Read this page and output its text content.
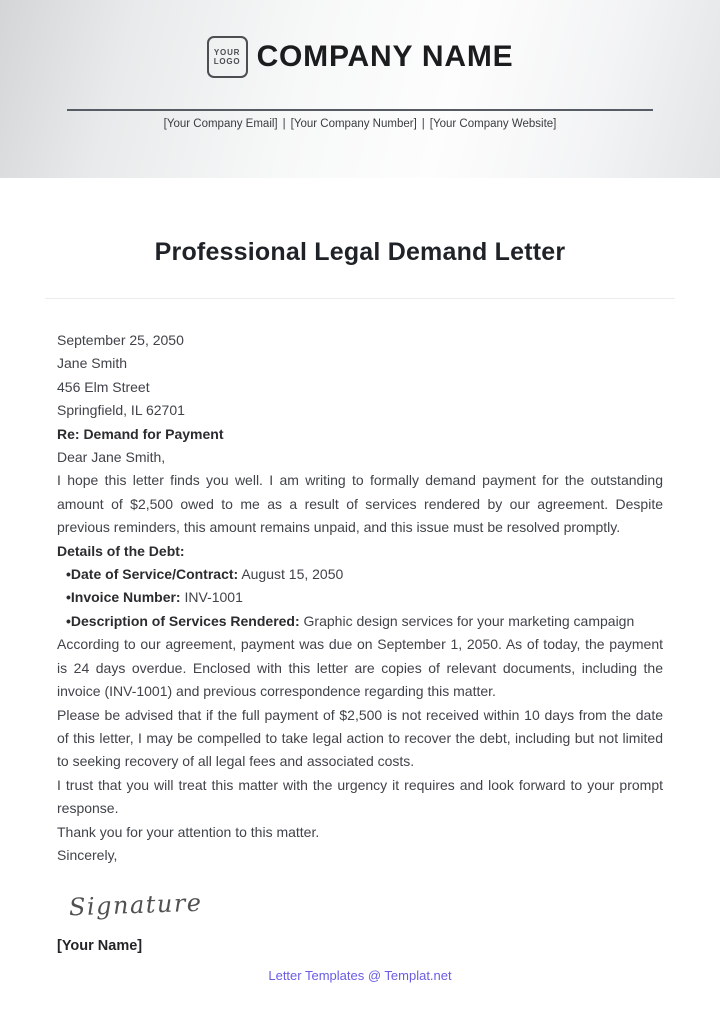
YOUR
LOGO COMPANY NAME
[Your Company Email] | [Your Company Number] | [Your Company Website]
Professional Legal Demand Letter

September 25, 2050

Jane Smith

456 Elm Street

Springfield, IL 62701

Re: Demand for Payment

Dear Jane Smith,

I hope this letter finds you well. I am writing to formally demand payment for the outstanding amount of $2,500 owed to me as a result of services rendered by our agreement. Despite previous reminders, this amount remains unpaid, and this issue must be resolved promptly.

Details of the Debt:

•Date of Service/Contract: August 15, 2050

•Invoice Number: INV-1001

•Description of Services Rendered: Graphic design services for your marketing campaign

According to our agreement, payment was due on September 1, 2050. As of today, the payment is 24 days overdue. Enclosed with this letter are copies of relevant documents, including the invoice (INV-1001) and previous correspondence regarding this matter.

Please be advised that if the full payment of $2,500 is not received within 10 days from the date of this letter, I may be compelled to take legal action to recover the debt, including but not limited to seeking recovery of all legal fees and associated costs.

I trust that you will treat this matter with the urgency it requires and look forward to your prompt response.

Thank you for your attention to this matter.

Sincerely,

Signature

[Your Name]

Letter Templates @ Templat.net
